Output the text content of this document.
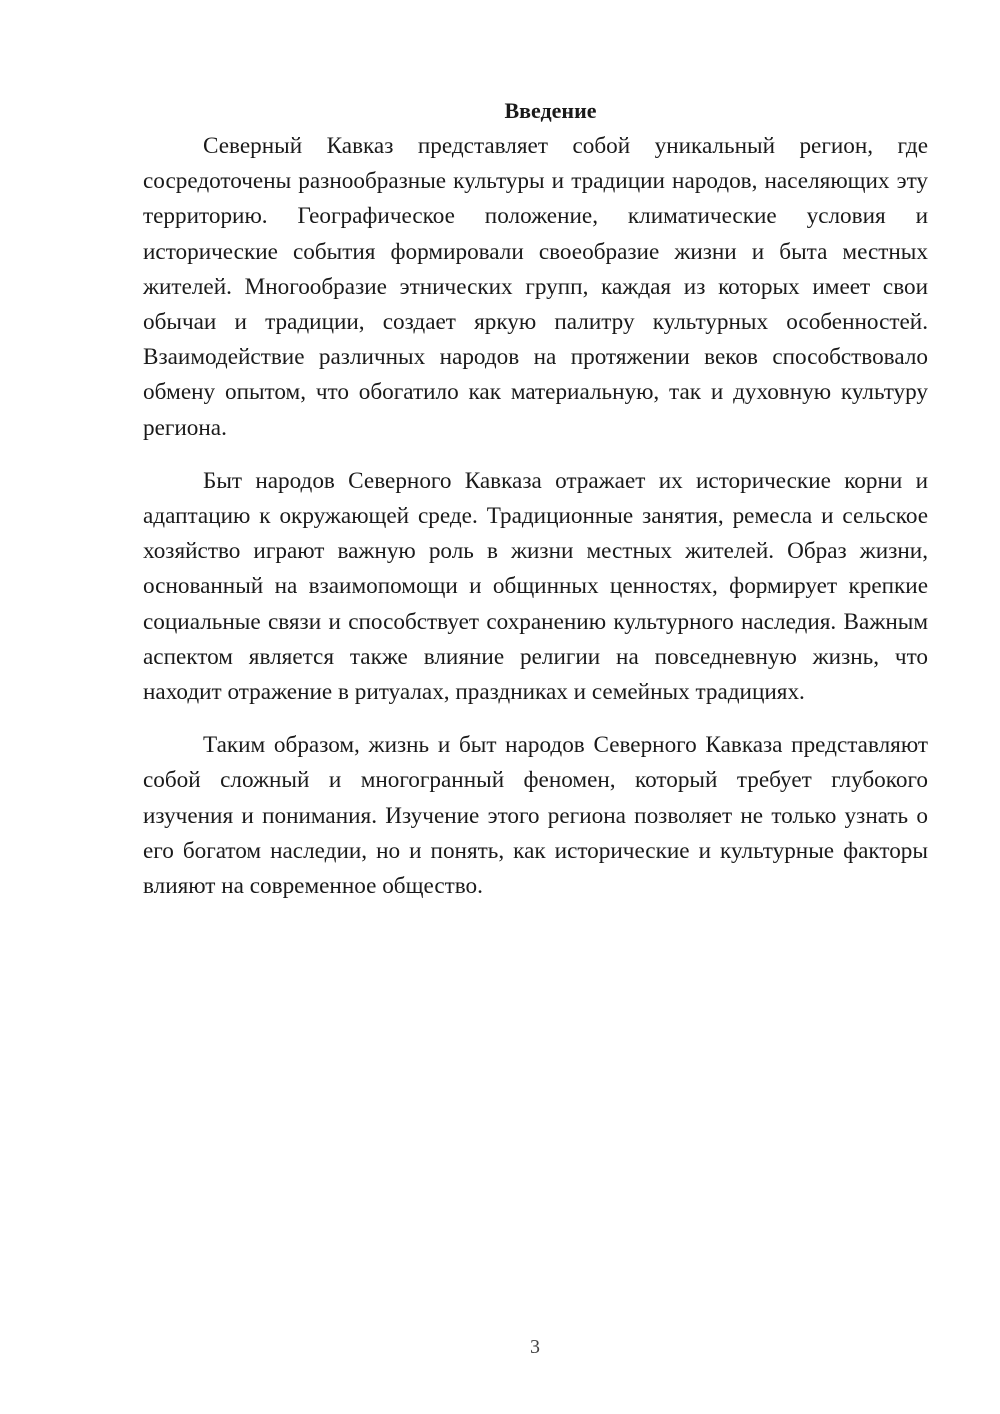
Введение

Северный Кавказ представляет собой уникальный регион, где сосредоточены разнообразные культуры и традиции народов, населяющих эту территорию. Географическое положение, климатические условия и исторические события формировали своеобразие жизни и быта местных жителей. Многообразие этнических групп, каждая из которых имеет свои обычаи и традиции, создает яркую палитру культурных особенностей. Взаимодействие различных народов на протяжении веков способствовало обмену опытом, что обогатило как материальную, так и духовную культуру региона.

Быт народов Северного Кавказа отражает их исторические корни и адаптацию к окружающей среде. Традиционные занятия, ремесла и сельское хозяйство играют важную роль в жизни местных жителей. Образ жизни, основанный на взаимопомощи и общинных ценностях, формирует крепкие социальные связи и способствует сохранению культурного наследия. Важным аспектом является также влияние религии на повседневную жизнь, что находит отражение в ритуалах, праздниках и семейных традициях.

Таким образом, жизнь и быт народов Северного Кавказа представляют собой сложный и многогранный феномен, который требует глубокого изучения и понимания. Изучение этого региона позволяет не только узнать о его богатом наследии, но и понять, как исторические и культурные факторы влияют на современное общество.

3
